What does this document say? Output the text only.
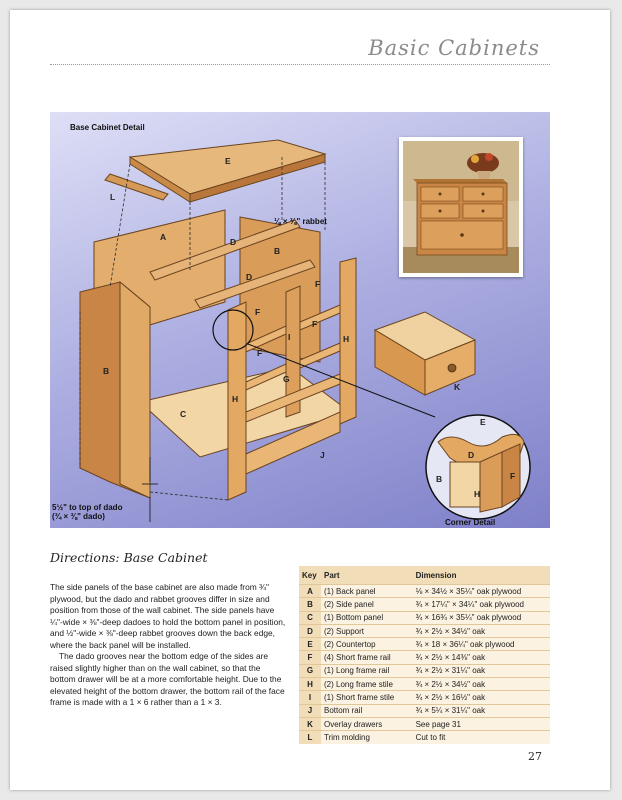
Basic Cabinets
Base Cabinet Detail
E
L
A
B
D
D
⅛ × ⅜" rabbet
B
F
F
F
F
I
H
H
G
C
J
K
E
D
B
H
F
5½" to top of dado
(¾ × ⅜" dado)
Corner Detail
Directions: Base Cabinet

The side panels of the base cabinet are also made from ¾" plywood, but the dado and rabbet grooves differ in size and position from those of the wall cabinet. The side panels have ¼"-wide × ⅜"-deep dadoes to hold the bottom panel in position, and ½"-wide × ⅜"-deep rabbet grooves down the back edge, where the back panel will be installed.

The dado grooves near the bottom edge of the sides are raised slightly higher than on the wall cabinet, so that the bottom drawer will be at a more comfortable height. Due to the elevated height of the bottom drawer, the bottom rail of the face frame is made with a 1 × 6 rather than a 1 × 3.

Key	Part	Dimension
A	(1) Back panel	⅛ × 34½ × 35¼" oak plywood
B	(2) Side panel	¾ × 17¼" × 34¼" oak plywood
C	(1) Bottom panel	¾ × 16¾ × 35¼" oak plywood
D	(2) Support	¾ × 2½ × 34½" oak
E	(2) Countertop	¾ × 18 × 36¼" oak plywood
F	(4) Short frame rail	¾ × 2½ × 14⅜" oak
G	(1) Long frame rail	¾ × 2½ × 31¼" oak
H	(2) Long frame stile	¾ × 2½ × 34½" oak
I	(1) Short frame stile	¾ × 2½ × 16½" oak
J	Bottom rail	¾ × 5¼ × 31¼" oak
K	Overlay drawers	See page 31
L	Trim molding	Cut to fit
27
